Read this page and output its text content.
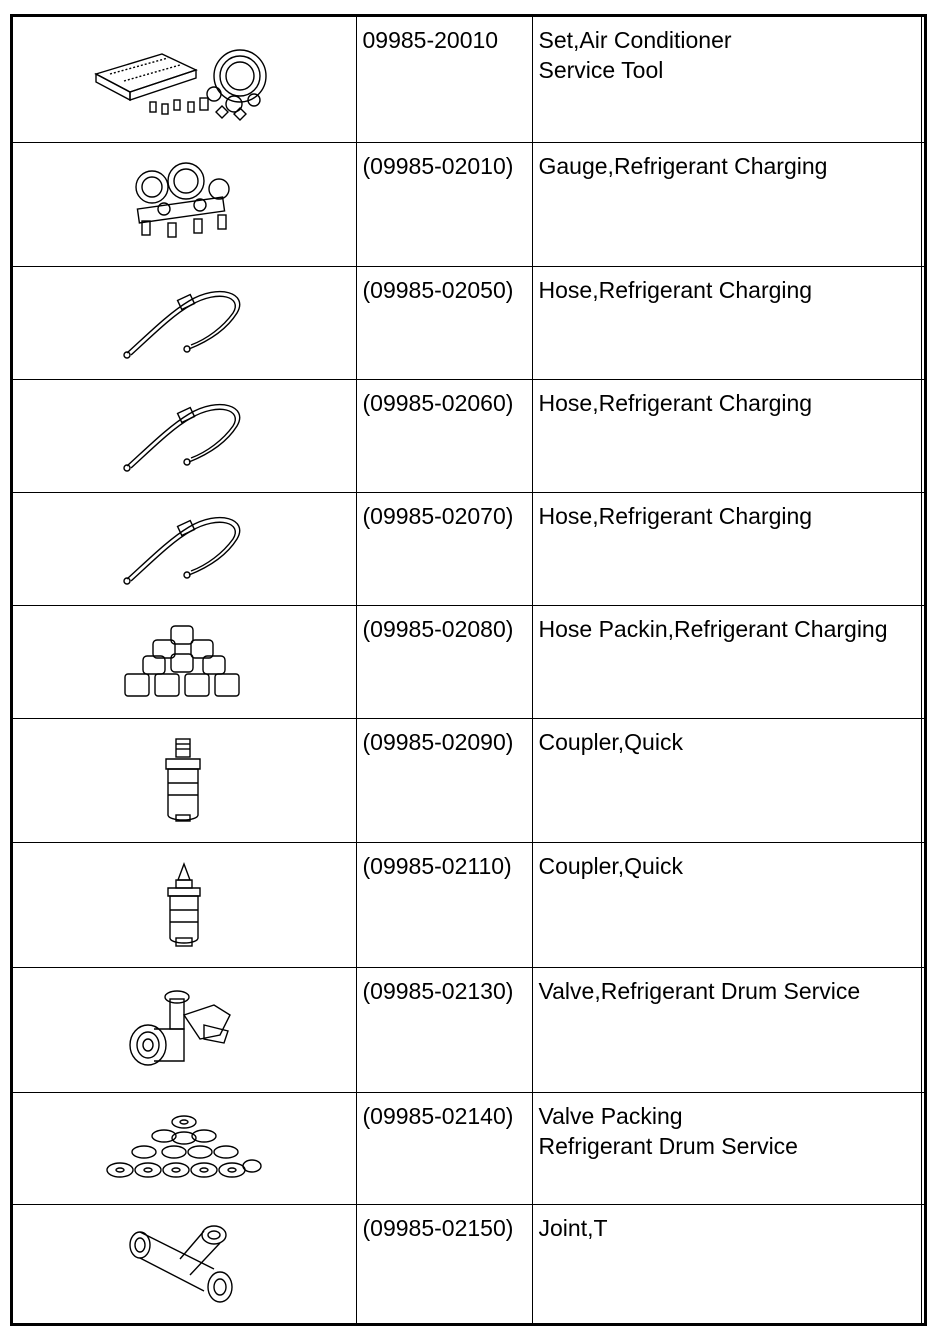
	09985-20010	Set,Air Conditioner
Service Tool	

	(09985-02010)	Gauge,Refrigerant Charging	

	(09985-02050)	Hose,Refrigerant Charging	

	(09985-02060)	Hose,Refrigerant Charging	

	(09985-02070)	Hose,Refrigerant Charging	

	(09985-02080)	Hose Packin,Refrigerant Charging	

	(09985-02090)	Coupler,Quick	

	(09985-02110)	Coupler,Quick	

	(09985-02130)	Valve,Refrigerant Drum Service	

	(09985-02140)	Valve Packing
Refrigerant Drum Service	

	(09985-02150)	Joint,T	
